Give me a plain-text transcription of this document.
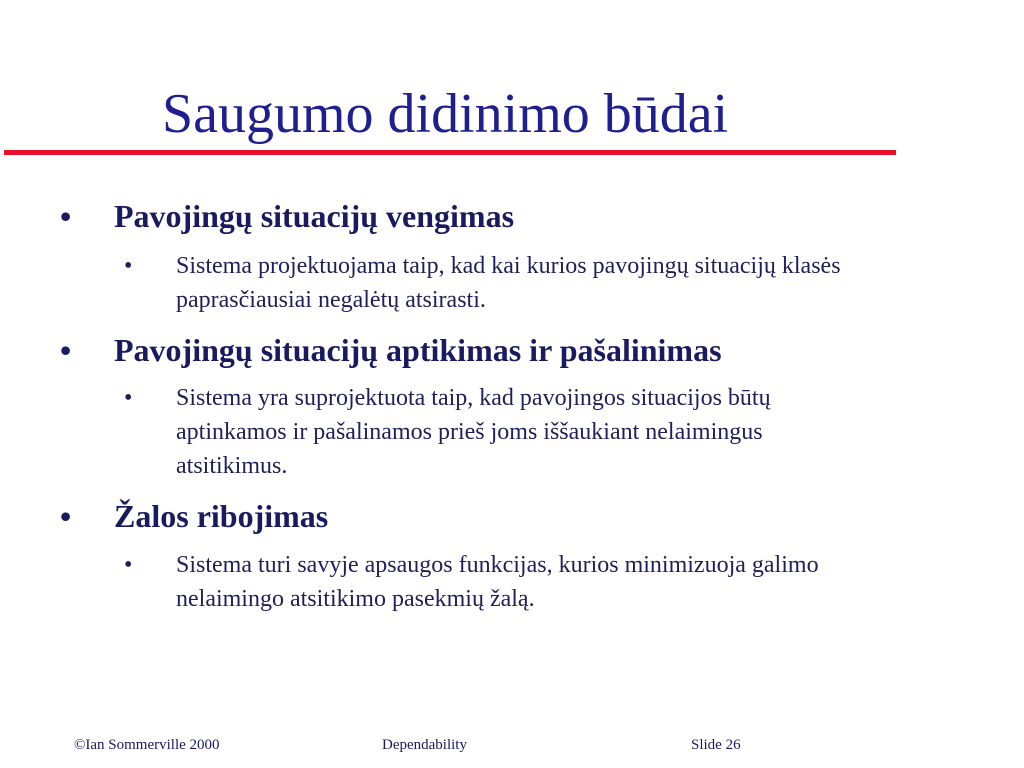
Saugumo didinimo būdai
•	Pavojingų situacijų vengimas
•	Sistema projektuojama taip, kad kai kurios pavojingų situacijų klasės
paprasčiausiai negalėtų atsirasti.
•	Pavojingų situacijų aptikimas ir pašalinimas
•	Sistema yra suprojektuota taip, kad pavojingos situacijos būtų
aptinkamos ir pašalinamos prieš joms iššaukiant nelaimingus
atsitikimus.
•	Žalos ribojimas
•	Sistema turi savyje apsaugos funkcijas, kurios minimizuoja galimo
nelaimingo atsitikimo pasekmių žalą.
©Ian Sommerville 2000	Dependability	Slide 26
